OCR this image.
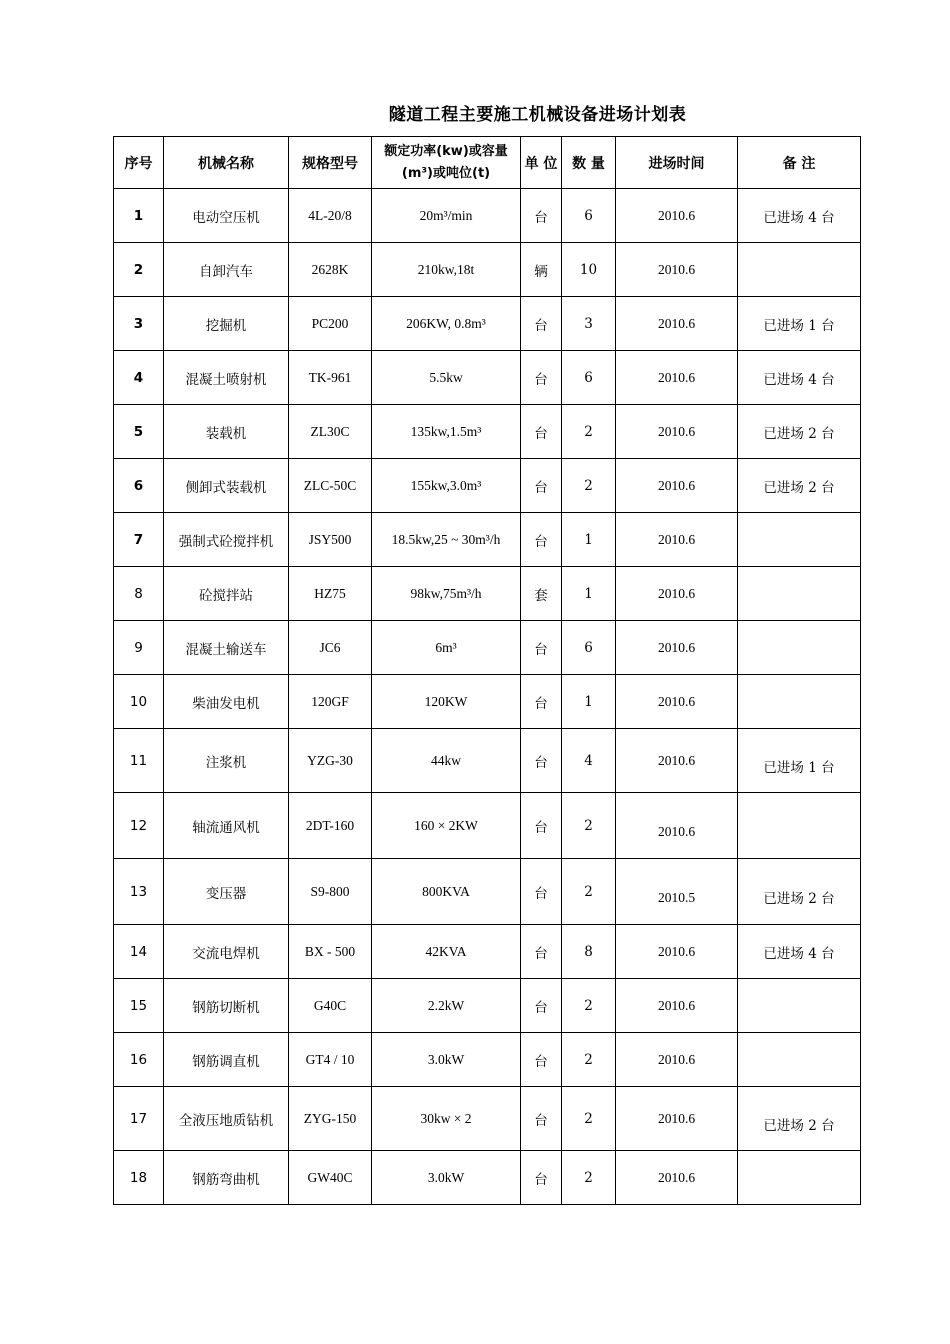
隧道工程主要施工机械设备进场计划表
序号	机械名称	规格型号	额定功率(kw)或容量
(m³)或吨位(t)	单 位	数 量	进场时间	备 注
1	电动空压机	4L-20/8	20m³/min	台	6	2010.6	已进场 4 台
2	自卸汽车	2628K	210kw,18t	辆	10	2010.6	
3	挖掘机	PC200	206KW, 0.8m³	台	3	2010.6	已进场 1 台
4	混凝土喷射机	TK-961	5.5kw	台	6	2010.6	已进场 4 台
5	装载机	ZL30C	135kw,1.5m³	台	2	2010.6	已进场 2 台
6	侧卸式装载机	ZLC-50C	155kw,3.0m³	台	2	2010.6	已进场 2 台
7	强制式砼搅拌机	JSY500	18.5kw,25 ~ 30m³/h	台	1	2010.6	
8	砼搅拌站	HZ75	98kw,75m³/h	套	1	2010.6	
9	混凝土输送车	JC6	6m³	台	6	2010.6	
10	柴油发电机	120GF	120KW	台	1	2010.6	
11	注浆机	YZG-30	44kw	台	4	2010.6	已进场 1 台
12	轴流通风机	2DT-160	160 × 2KW	台	2	2010.6	
13	变压器	S9-800	800KVA	台	2	2010.5	已进场 2 台
14	交流电焊机	BX - 500	42KVA	台	8	2010.6	已进场 4 台
15	钢筋切断机	G40C	2.2kW	台	2	2010.6	
16	钢筋调直机	GT4 / 10	3.0kW	台	2	2010.6	
17	全液压地质钻机	ZYG-150	30kw × 2	台	2	2010.6	已进场 2 台
18	钢筋弯曲机	GW40C	3.0kW	台	2	2010.6	
